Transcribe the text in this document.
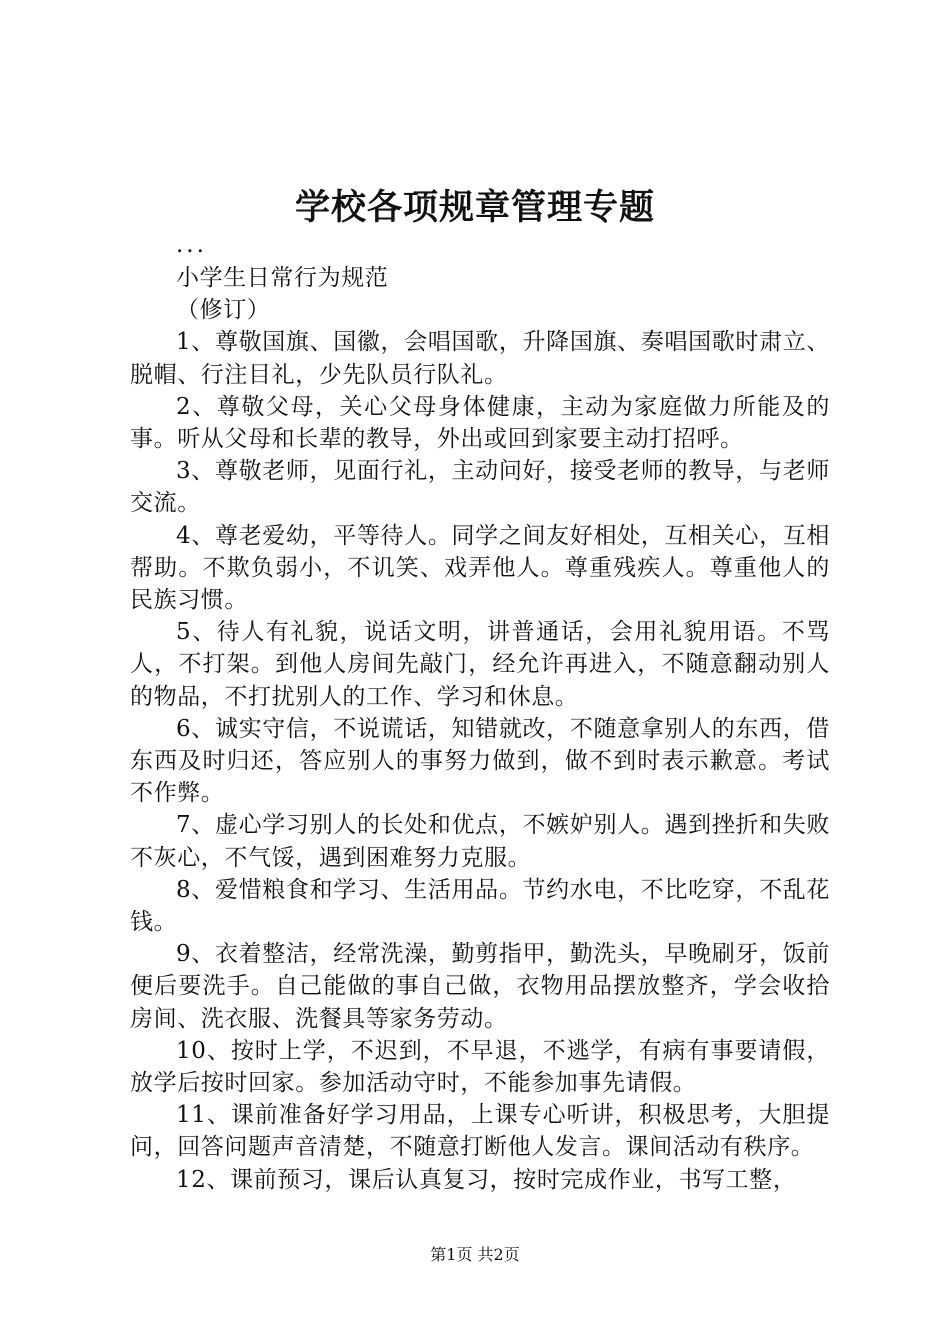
学校各项规章管理专题

...

小学生日常行为规范

（修订）

1、尊敬国旗、国徽，会唱国歌，升降国旗、奏唱国歌时肃立、脱帽、行注目礼，少先队员行队礼。

2、尊敬父母，关心父母身体健康，主动为家庭做力所能及的事。听从父母和长辈的教导，外出或回到家要主动打招呼。

3、尊敬老师，见面行礼，主动问好，接受老师的教导，与老师交流。

4、尊老爱幼，平等待人。同学之间友好相处，互相关心，互相帮助。不欺负弱小，不讥笑、戏弄他人。尊重残疾人。尊重他人的民族习惯。

5、待人有礼貌，说话文明，讲普通话，会用礼貌用语。不骂人，不打架。到他人房间先敲门，经允许再进入，不随意翻动别人的物品，不打扰别人的工作、学习和休息。

6、诚实守信，不说谎话，知错就改，不随意拿别人的东西，借东西及时归还，答应别人的事努力做到，做不到时表示歉意。考试不作弊。

7、虚心学习别人的长处和优点，不嫉妒别人。遇到挫折和失败不灰心，不气馁，遇到困难努力克服。

8、爱惜粮食和学习、生活用品。节约水电，不比吃穿，不乱花钱。

9、衣着整洁，经常洗澡，勤剪指甲，勤洗头，早晚刷牙，饭前便后要洗手。自己能做的事自己做，衣物用品摆放整齐，学会收拾房间、洗衣服、洗餐具等家务劳动。

10、按时上学，不迟到，不早退，不逃学，有病有事要请假，放学后按时回家。参加活动守时，不能参加事先请假。

11、课前准备好学习用品，上课专心听讲，积极思考，大胆提问，回答问题声音清楚，不随意打断他人发言。课间活动有秩序。

12、课前预习，课后认真复习，按时完成作业，书写工整，

第1页 共2页
